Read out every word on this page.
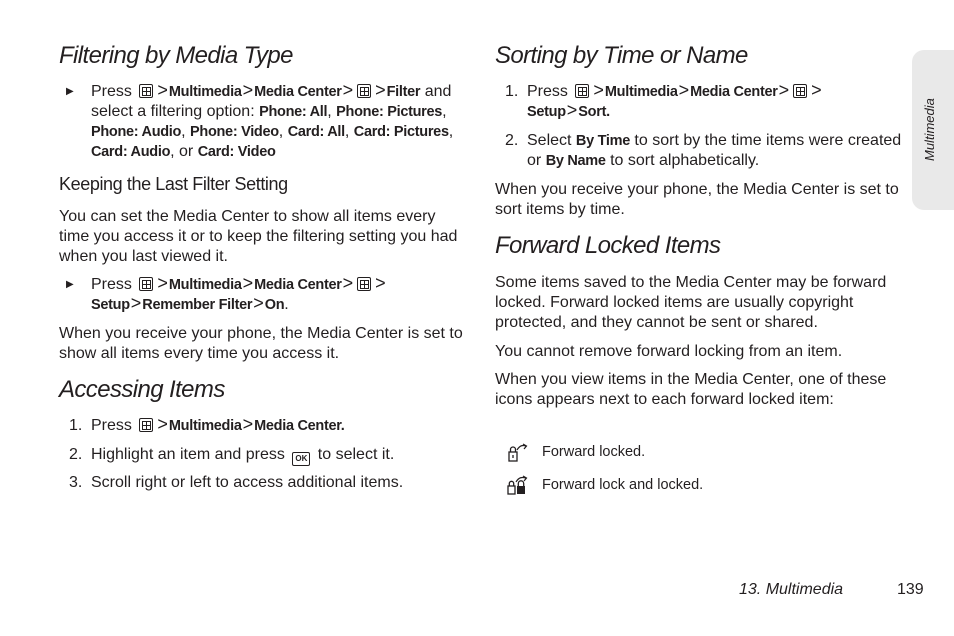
Multimedia
Filtering by Media Type
▶ Press >Multimedia>Media Center> >Filter and select a filtering option: Phone: All, Phone: Pictures, Phone: Audio, Phone: Video, Card: All, Card: Pictures, Card: Audio, or Card: Video
Keeping the Last Filter Setting

You can set the Media Center to show all items every time you access it or to keep the filtering setting you had when you last viewed it.

▶ Press >Multimedia>Media Center> > Setup>Remember Filter>On.

When you receive your phone, the Media Center is set to show all items every time you access it.

Accessing Items
1. Press >Multimedia>Media Center.
2. Highlight an item and press OK to select it.
3. Scroll right or left to access additional items.
Sorting by Time or Name
1. Press >Multimedia>Media Center> > Setup>Sort.
2. Select By Time to sort by the time items were created or By Name to sort alphabetically.

When you receive your phone, the Media Center is set to sort items by time.

Forward Locked Items

Some items saved to the Media Center may be forward locked. Forward locked items are usually copyright protected, and they cannot be sent or shared.

You cannot remove forward locking from an item.

When you view items in the Media Center, one of these icons appears next to each forward locked item:

Forward locked.
Forward lock and locked.
13. Multimedia	139
